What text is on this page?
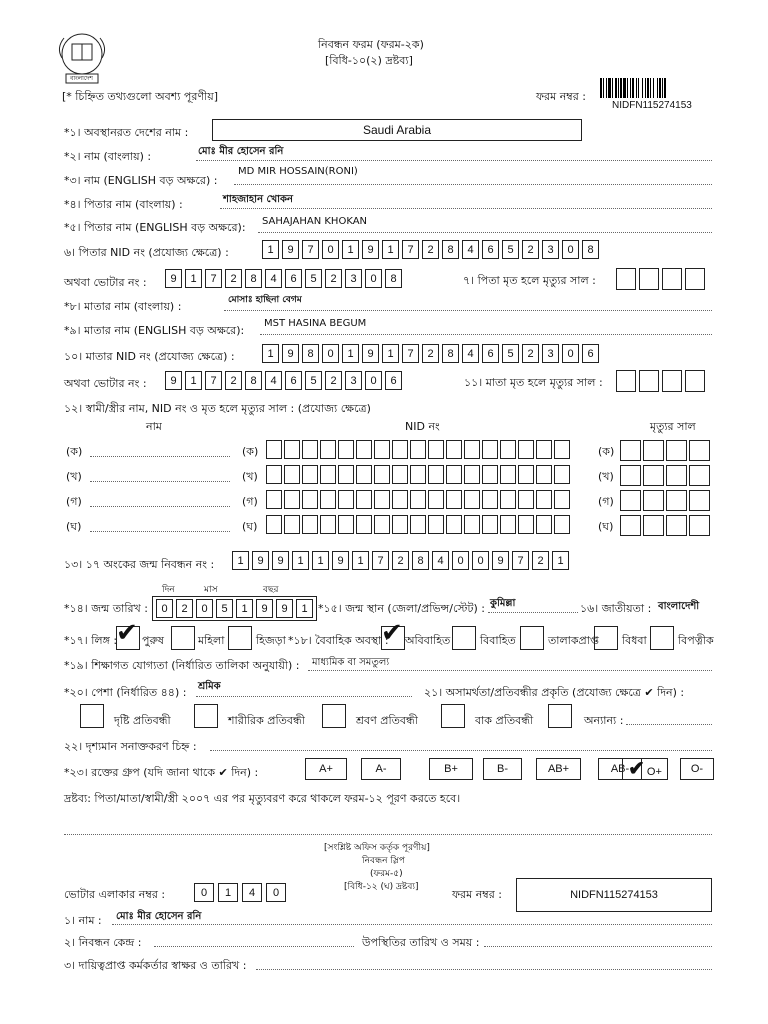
বাংলাদেশ
নিবন্ধন ফরম (ফরম-২ক)
[বিধি-১০(২) দ্রষ্টব্য]
[* চিহ্নিত তথ্যগুলো অবশ্য পূরণীয়]	ফরম নম্বর :
NIDFN115274153
*১। অবস্থানরত দেশের নাম :	Saudi Arabia
*২। নাম (বাংলায়) :	মোঃ মীর হোসেন রনি
*৩। নাম (ENGLISH বড় অক্ষরে) :
MD MIR HOSSAIN(RONI)
*৪। পিতার নাম (বাংলায়) :	শাহজাহান খোকন
*৫। পিতার নাম (ENGLISH বড় অক্ষরে): SAHAJAHAN KHOKAN
৬। পিতার NID নং (প্রযোজ্য ক্ষেত্রে) :	1	9	7	0	1	9	1	7	2	8	4	6	5	2	3	0	8
অথবা ভোটার নং :	9	1	7	2	8	4	6	5	2	3	0	8	৭। পিতা মৃত হলে মৃত্যুর সাল :
*৮। মাতার নাম (বাংলায়) :	মোসাঃ হাছিনা বেগম
*৯। মাতার নাম (ENGLISH বড় অক্ষরে):
MST HASINA BEGUM
১০। মাতার NID নং (প্রযোজ্য ক্ষেত্রে) :	1	9	8	0	1	9	1	7	2	8	4	6	5	2	3	0	6
অথবা ভোটার নং :	9	1	7	2	8	4	6	5	2	3	0	6	১১। মাতা মৃত হলে মৃত্যুর সাল :
১২। স্বামী/স্ত্রীর নাম, NID নং ও মৃত হলে মৃত্যুর সাল : (প্রযোজ্য ক্ষেত্রে)
নাম	NID নং	মৃত্যুর সাল
(ক)	(ক)	(ক)
(খ)	(খ)	(খ)
(গ)	(গ)	(গ)
(ঘ)	(ঘ)	(ঘ)
১৩। ১৭ অংকের জন্ম নিবন্ধন নং :	1	9	9	1	1	9	1	7	2	8	4	0	0	9	7	2	1
দিন	মাস	বছর
*১৪। জন্ম তারিখ :	0	2	0	5	1	9	9	1 *১৫। জন্ম স্থান (জেলা/প্রভিন্স/স্টেট) : কুমিল্লা	১৬। জাতীয়তা : বাংলাদেশী
*১৭। লিঙ্গ :
✔ পুরুষ	মহিলা	হিজড়া *১৮। বৈবাহিক অবস্থা :
✔ অবিবাহিত	বিবাহিত	তালাকপ্রাপ্ত বিধবা	বিপত্নীক
*১৯। শিক্ষাগত যোগ্যতা (নির্ধারিত তালিকা অনুযায়ী) : মাধ্যমিক বা সমতুল্য
*২০। পেশা (নির্ধারিত ৪৪) : শ্রমিক	২১। অসামর্থতা/প্রতিবন্ধীর প্রকৃতি (প্রযোজ্য ক্ষেত্রে ✔ দিন) :
দৃষ্টি প্রতিবন্ধী	শারীরিক প্রতিবন্ধী	শ্রবণ প্রতিবন্ধী	বাক প্রতিবন্ধী	অন্যান্য :
২২। দৃশ্যমান সনাক্তকরণ চিহ্ন :
*২৩। রক্তের গ্রুপ (যদি জানা থাকে ✔ দিন) :	A+	A-	B+	B-	AB+	AB-
✔ O+	O-
দ্রষ্টব্য: পিতা/মাতা/স্বামী/স্ত্রী ২০০৭ এর পর মৃত্যুবরণ করে থাকলে ফরম-১২ পূরণ করতে হবে।
[সংশ্লিষ্ট অফিস কর্তৃক পূরণীয়]
নিবন্ধন স্লিপ
(ফরম-৫)
[বিধি-১২ (ঘ) দ্রষ্টব্য]
ভোটার এলাকার নম্বর :	0	1	4	0	ফরম নম্বর :	NIDFN115274153
১। নাম : মোঃ মীর হোসেন রনি
২। নিবন্ধন কেন্দ্র :	উপস্থিতির তারিখ ও সময় :
৩। দায়িত্বপ্রাপ্ত কর্মকর্তার স্বাক্ষর ও তারিখ :
